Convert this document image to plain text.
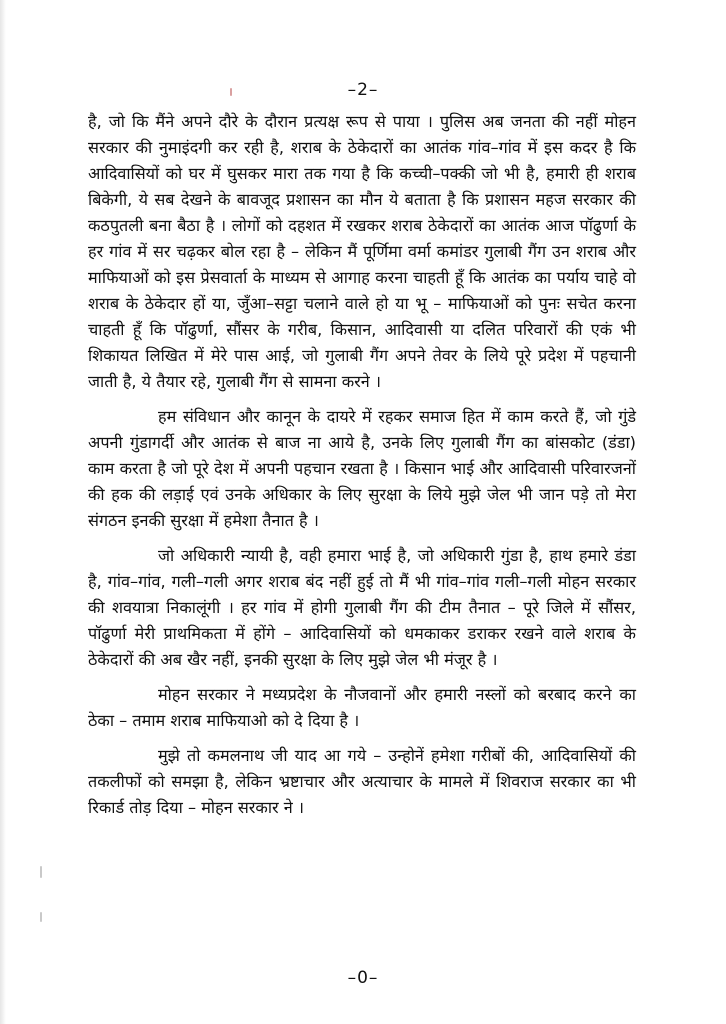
–2–

है, जो कि मैंने अपने दौरे के दौरान प्रत्यक्ष रूप से पाया । पुलिस अब जनता की नहीं मोहन सरकार की नुमाइंदगी कर रही है, शराब के ठेकेदारों का आतंक गांव–गांव में इस कदर है कि आदिवासियों को घर में घुसकर मारा तक गया है कि कच्ची–पक्की जो भी है, हमारी ही शराब बिकेगी, ये सब देखने के बावजूद प्रशासन का मौन ये बताता है कि प्रशासन महज सरकार की कठपुतली बना बैठा है । लोगों को दहशत में रखकर शराब ठेकेदारों का आतंक आज पॉढुर्णा के हर गांव में सर चढ़कर बोल रहा है – लेकिन मैं पूर्णिमा वर्मा कमांडर गुलाबी गैंग उन शराब और माफियाओं को इस प्रेसवार्ता के माध्यम से आगाह करना चाहती हूँ कि आतंक का पर्याय चाहे वो शराब के ठेकेदार हों या, जुँआ–सट्टा चलाने वाले हो या भू – माफियाओं को पुनः सचेत करना चाहती हूँ कि पॉढुर्णा, सौंसर के गरीब, किसान, आदिवासी या दलित परिवारों की एकं भी शिकायत लिखित में मेरे पास आई, जो गुलाबी गैंग अपने तेवर के लिये पूरे प्रदेश में पहचानी जाती है, ये तैयार रहे, गुलाबी गैंग से सामना करने ।

हम संविधान और कानून के दायरे में रहकर समाज हित में काम करते हैं, जो गुंडे अपनी गुंडागर्दी और आतंक से बाज ना आये है, उनके लिए गुलाबी गैंग का बांसकोट (डंडा) काम करता है जो पूरे देश में अपनी पहचान रखता है । किसान भाई और आदिवासी परिवारजनों की हक की लड़ाई एवं उनके अधिकार के लिए सुरक्षा के लिये मुझे जेल भी जान पड़े तो मेरा संगठन इनकी सुरक्षा में हमेशा तैनात है ।

जो अधिकारी न्यायी है, वही हमारा भाई है, जो अधिकारी गुंडा है, हाथ हमारे डंडा है, गांव–गांव, गली–गली अगर शराब बंद नहीं हुई तो मैं भी गांव–गांव गली–गली मोहन सरकार की शवयात्रा निकालूंगी । हर गांव में होगी गुलाबी गैंग की टीम तैनात – पूरे जिले में सौंसर, पॉढुर्णा मेरी प्राथमिकता में होंगे – आदिवासियों को धमकाकर डराकर रखने वाले शराब के ठेकेदारों की अब खैर नहीं, इनकी सुरक्षा के लिए मुझे जेल भी मंजूर है ।

मोहन सरकार ने मध्यप्रदेश के नौजवानों और हमारी नस्लों को बरबाद करने का ठेका – तमाम शराब माफियाओ को दे दिया है ।

मुझे तो कमलनाथ जी याद आ गये – उन्होनें हमेशा गरीबों की, आदिवासियों की तकलीफों को समझा है, लेकिन भ्रष्टाचार और अत्याचार के मामले में शिवराज सरकार का भी रिकार्ड तोड़ दिया – मोहन सरकार ने ।

–0–
